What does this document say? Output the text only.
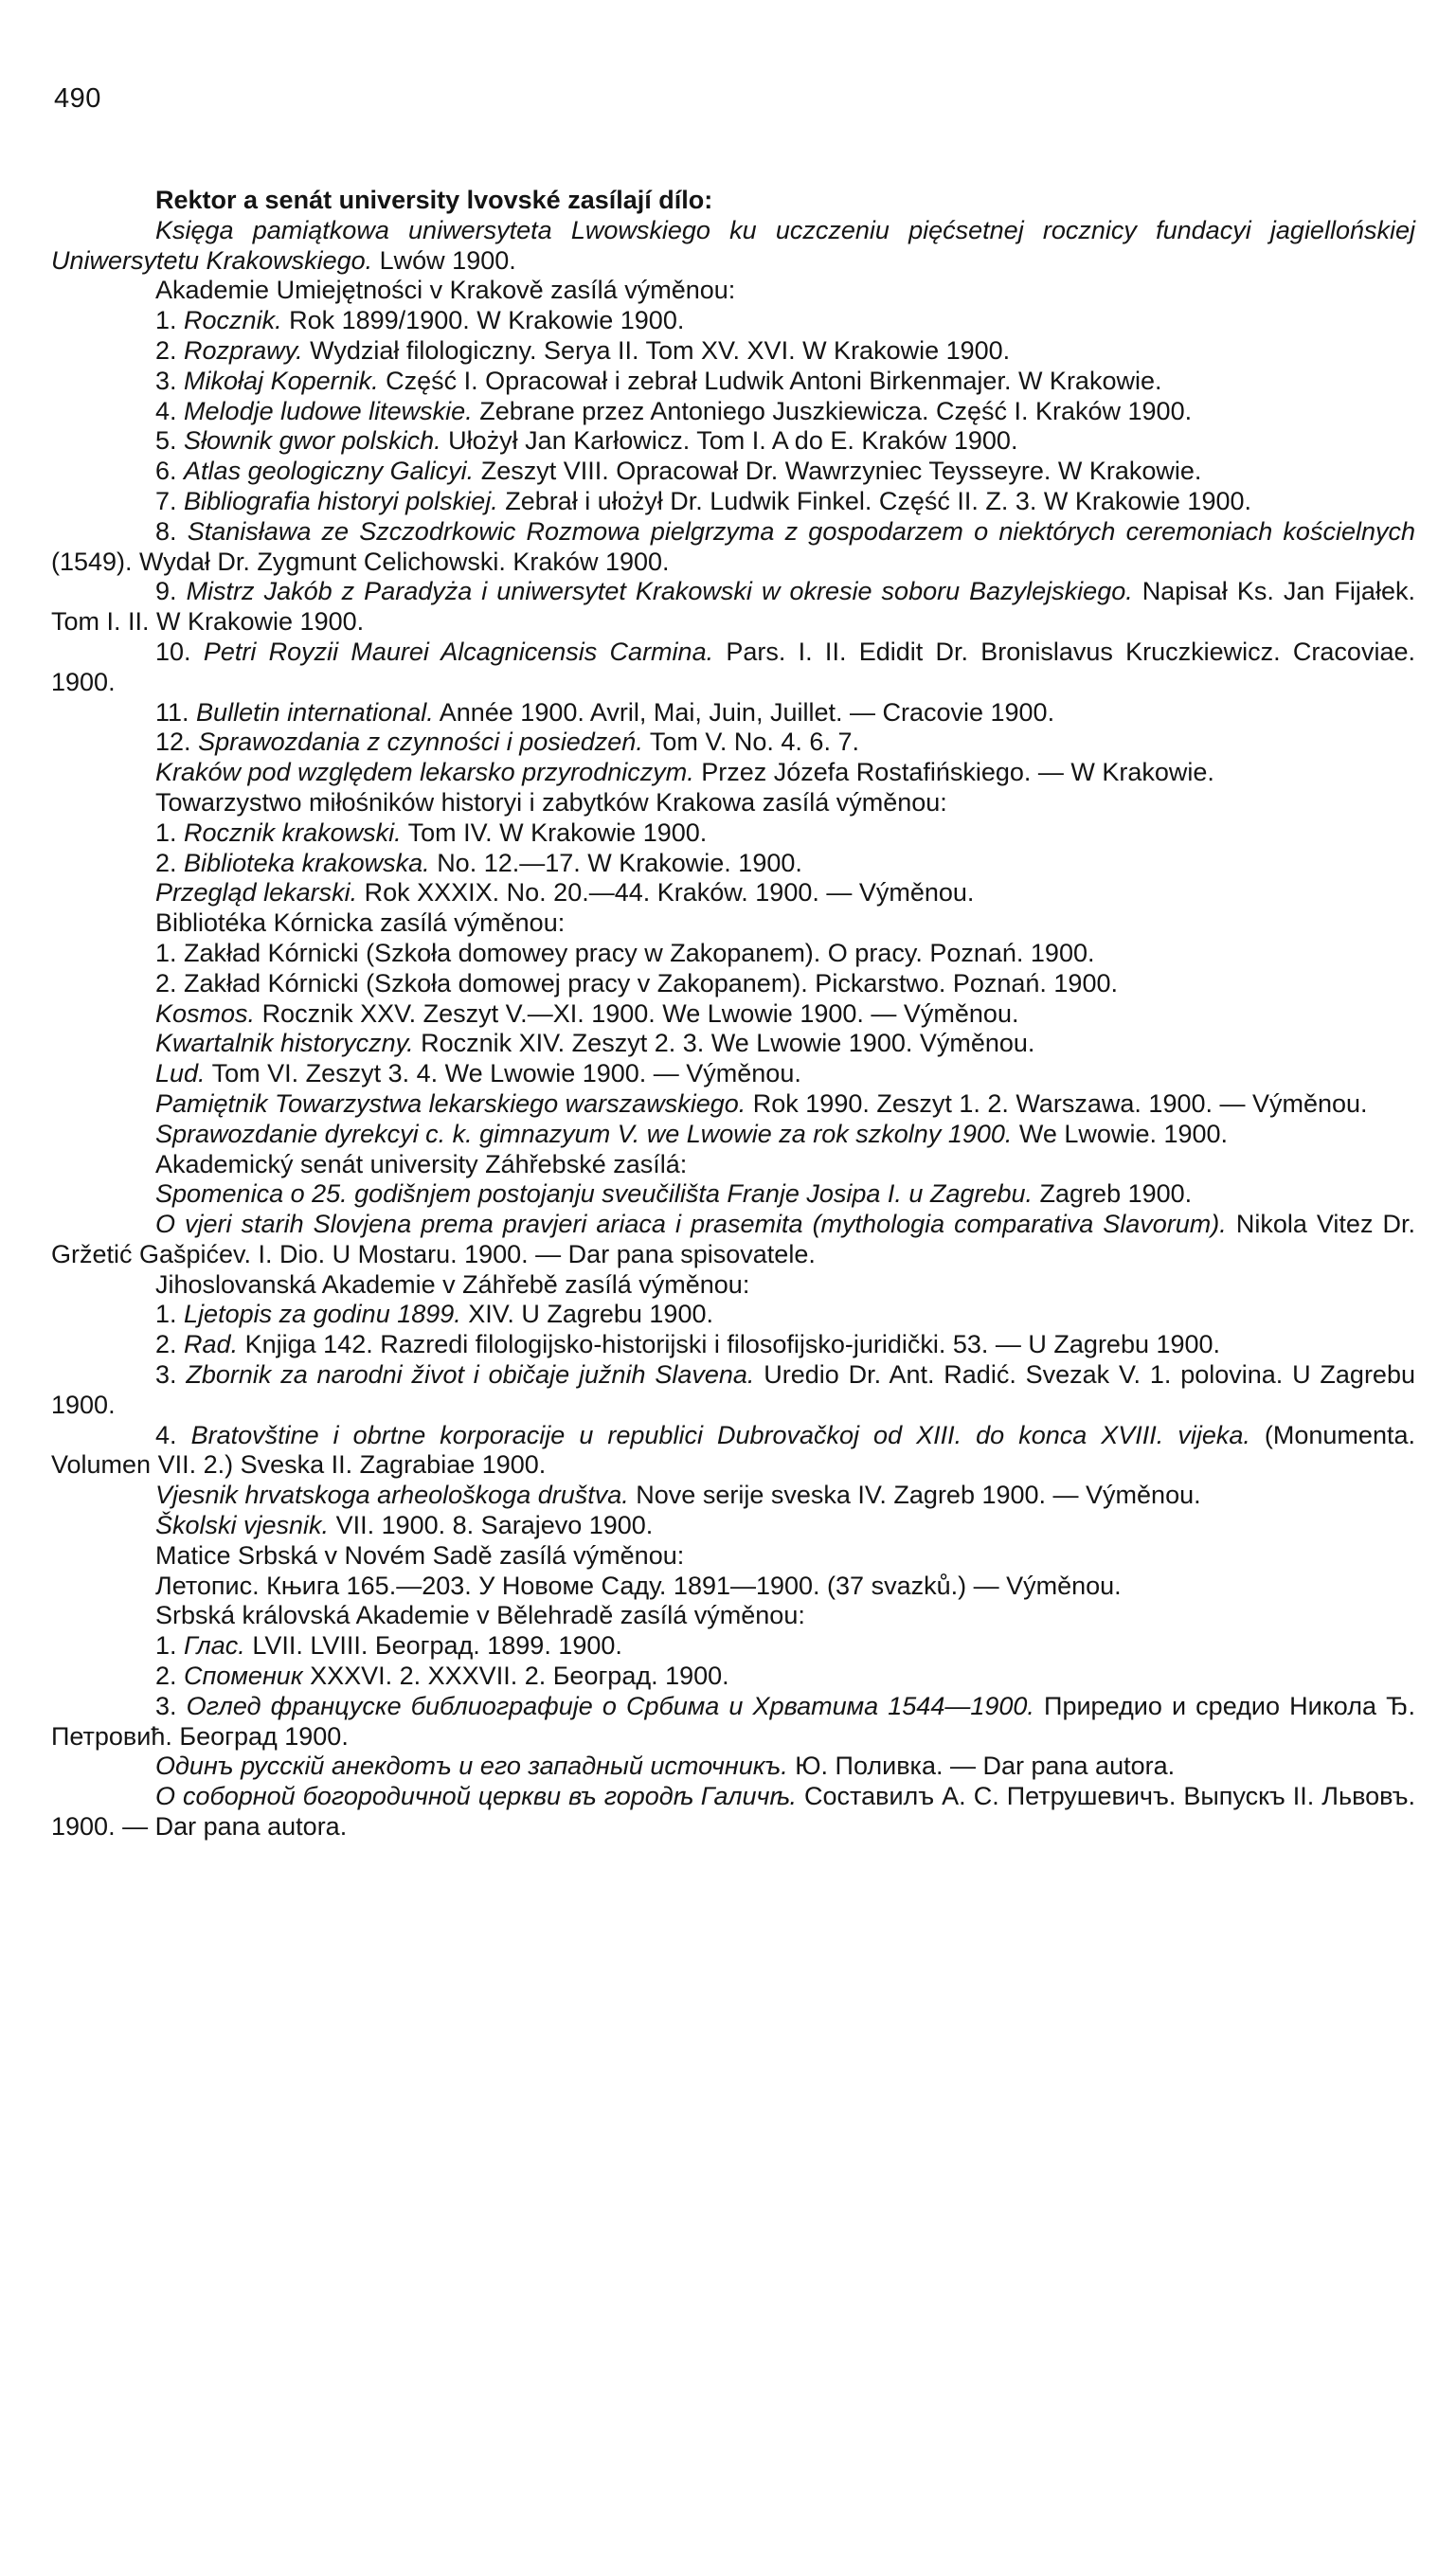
490
Rektor a senát university lvovské zasílají dílo:
Księga pamiątkowa uniwersyteta Lwowskiego ku uczczeniu pięćsetnej rocznicy fundacyi jagiellońskiej Uniwersytetu Krakowskiego. Lwów 1900.
Akademie Umiejętności v Krakově zasílá výměnou:
1. Rocznik. Rok 1899/1900. W Krakowie 1900.
2. Rozprawy. Wydział filologiczny. Serya II. Tom XV. XVI. W Krakowie 1900.
3. Mikołaj Kopernik. Część I. Opracował i zebrał Ludwik Antoni Birkenmajer. W Krakowie.
4. Melodje ludowe litewskie. Zebrane przez Antoniego Juszkiewicza. Część I. Kraków 1900.
5. Słownik gwor polskich. Ułożył Jan Karłowicz. Tom I. A do E. Kraków 1900.
6. Atlas geologiczny Galicyi. Zeszyt VIII. Opracował Dr. Wawrzyniec Teysseyre. W Krakowie.
7. Bibliografia historyi polskiej. Zebrał i ułożył Dr. Ludwik Finkel. Część II. Z. 3. W Krakowie 1900.
8. Stanisława ze Szczodrkowic Rozmowa pielgrzyma z gospodarzem o niektórych ceremoniach kościelnych (1549). Wydał Dr. Zygmunt Celichowski. Kraków 1900.
9. Mistrz Jakób z Paradyża i uniwersytet Krakowski w okresie soboru Bazylejskiego. Napisał Ks. Jan Fijałek. Tom I. II. W Krakowie 1900.
10. Petri Royzii Maurei Alcagnicensis Carmina. Pars. I. II. Edidit Dr. Bronislavus Kruczkiewicz. Cracoviae. 1900.
11. Bulletin international. Année 1900. Avril, Mai, Juin, Juillet. — Cracovie 1900.
12. Sprawozdania z czynności i posiedzeń. Tom V. No. 4. 6. 7.
Kraków pod względem lekarsko przyrodniczym. Przez Józefa Rostafińskiego. — W Krakowie.
Towarzystwo miłośników historyi i zabytków Krakowa zasílá výměnou:
1. Rocznik krakowski. Tom IV. W Krakowie 1900.
2. Biblioteka krakowska. No. 12.—17. W Krakowie. 1900.
Przegląd lekarski. Rok XXXIX. No. 20.—44. Kraków. 1900. — Výměnou.
Bibliotéka Kórnicka zasílá výměnou:
1. Zakład Kórnicki (Szkoła domowey pracy w Zakopanem). O pracy. Poznań. 1900.
2. Zakład Kórnicki (Szkoła domowej pracy v Zakopanem). Pickarstwo. Poznań. 1900.
Kosmos. Rocznik XXV. Zeszyt V.—XI. 1900. We Lwowie 1900. — Výměnou.
Kwartalnik historyczny. Rocznik XIV. Zeszyt 2. 3. We Lwowie 1900. Výměnou.
Lud. Tom VI. Zeszyt 3. 4. We Lwowie 1900. — Výměnou.
Pamiętnik Towarzystwa lekarskiego warszawskiego. Rok 1990. Zeszyt 1. 2. Warszawa. 1900. — Výměnou.
Sprawozdanie dyrekcyi c. k. gimnazyum V. we Lwowie za rok szkolny 1900. We Lwowie. 1900.
Akademický senát university Záhřebské zasílá:
Spomenica o 25. godišnjem postojanju sveučilišta Franje Josipa I. u Zagrebu. Zagreb 1900.
O vjeri starih Slovjena prema pravjeri ariaca i prasemita (mythologia comparativa Slavorum). Nikola Vitez Dr. Gržetić Gašpićev. I. Dio. U Mostaru. 1900. — Dar pana spisovatele.
Jihoslovanská Akademie v Záhřebě zasílá výměnou:
1. Ljetopis za godinu 1899. XIV. U Zagrebu 1900.
2. Rad. Knjiga 142. Razredi filologijsko-historijski i filosofijsko-juridički. 53. — U Zagrebu 1900.
3. Zbornik za narodni život i običaje južnih Slavena. Uredio Dr. Ant. Radić. Svezak V. 1. polovina. U Zagrebu 1900.
4. Bratovštine i obrtne korporacije u republici Dubrovačkoj od XIII. do konca XVIII. vijeka. (Monumenta. Volumen VII. 2.) Sveska II. Zagrabiae 1900.
Vjesnik hrvatskoga arheološkoga društva. Nove serije sveska IV. Zagreb 1900. — Výměnou.
Školski vjesnik. VII. 1900. 8. Sarajevo 1900.
Matice Srbská v Novém Sadě zasílá výměnou:
Летопис. Књига 165.—203. У Новоме Саду. 1891—1900. (37 svazků.) — Výměnou.
Srbská královská Akademie v Bělehradě zasílá výměnou:
1. Глас. LVII. LVIII. Београд. 1899. 1900.
2. Споменик XXXVI. 2. XXXVII. 2. Београд. 1900.
3. Оглед француске библиографије о Србима и Хрватима 1544—1900. Приредио и средио Никола Ђ. Петровић. Београд 1900.
Одинъ русскій анекдотъ и его западный источникъ. Ю. Поливка. — Dar pana autora.
О соборной богородичной церкви въ городѣ Галичѣ. Составилъ А. С. Петрушевичъ. Выпускъ II. Львовъ. 1900. — Dar pana autora.
